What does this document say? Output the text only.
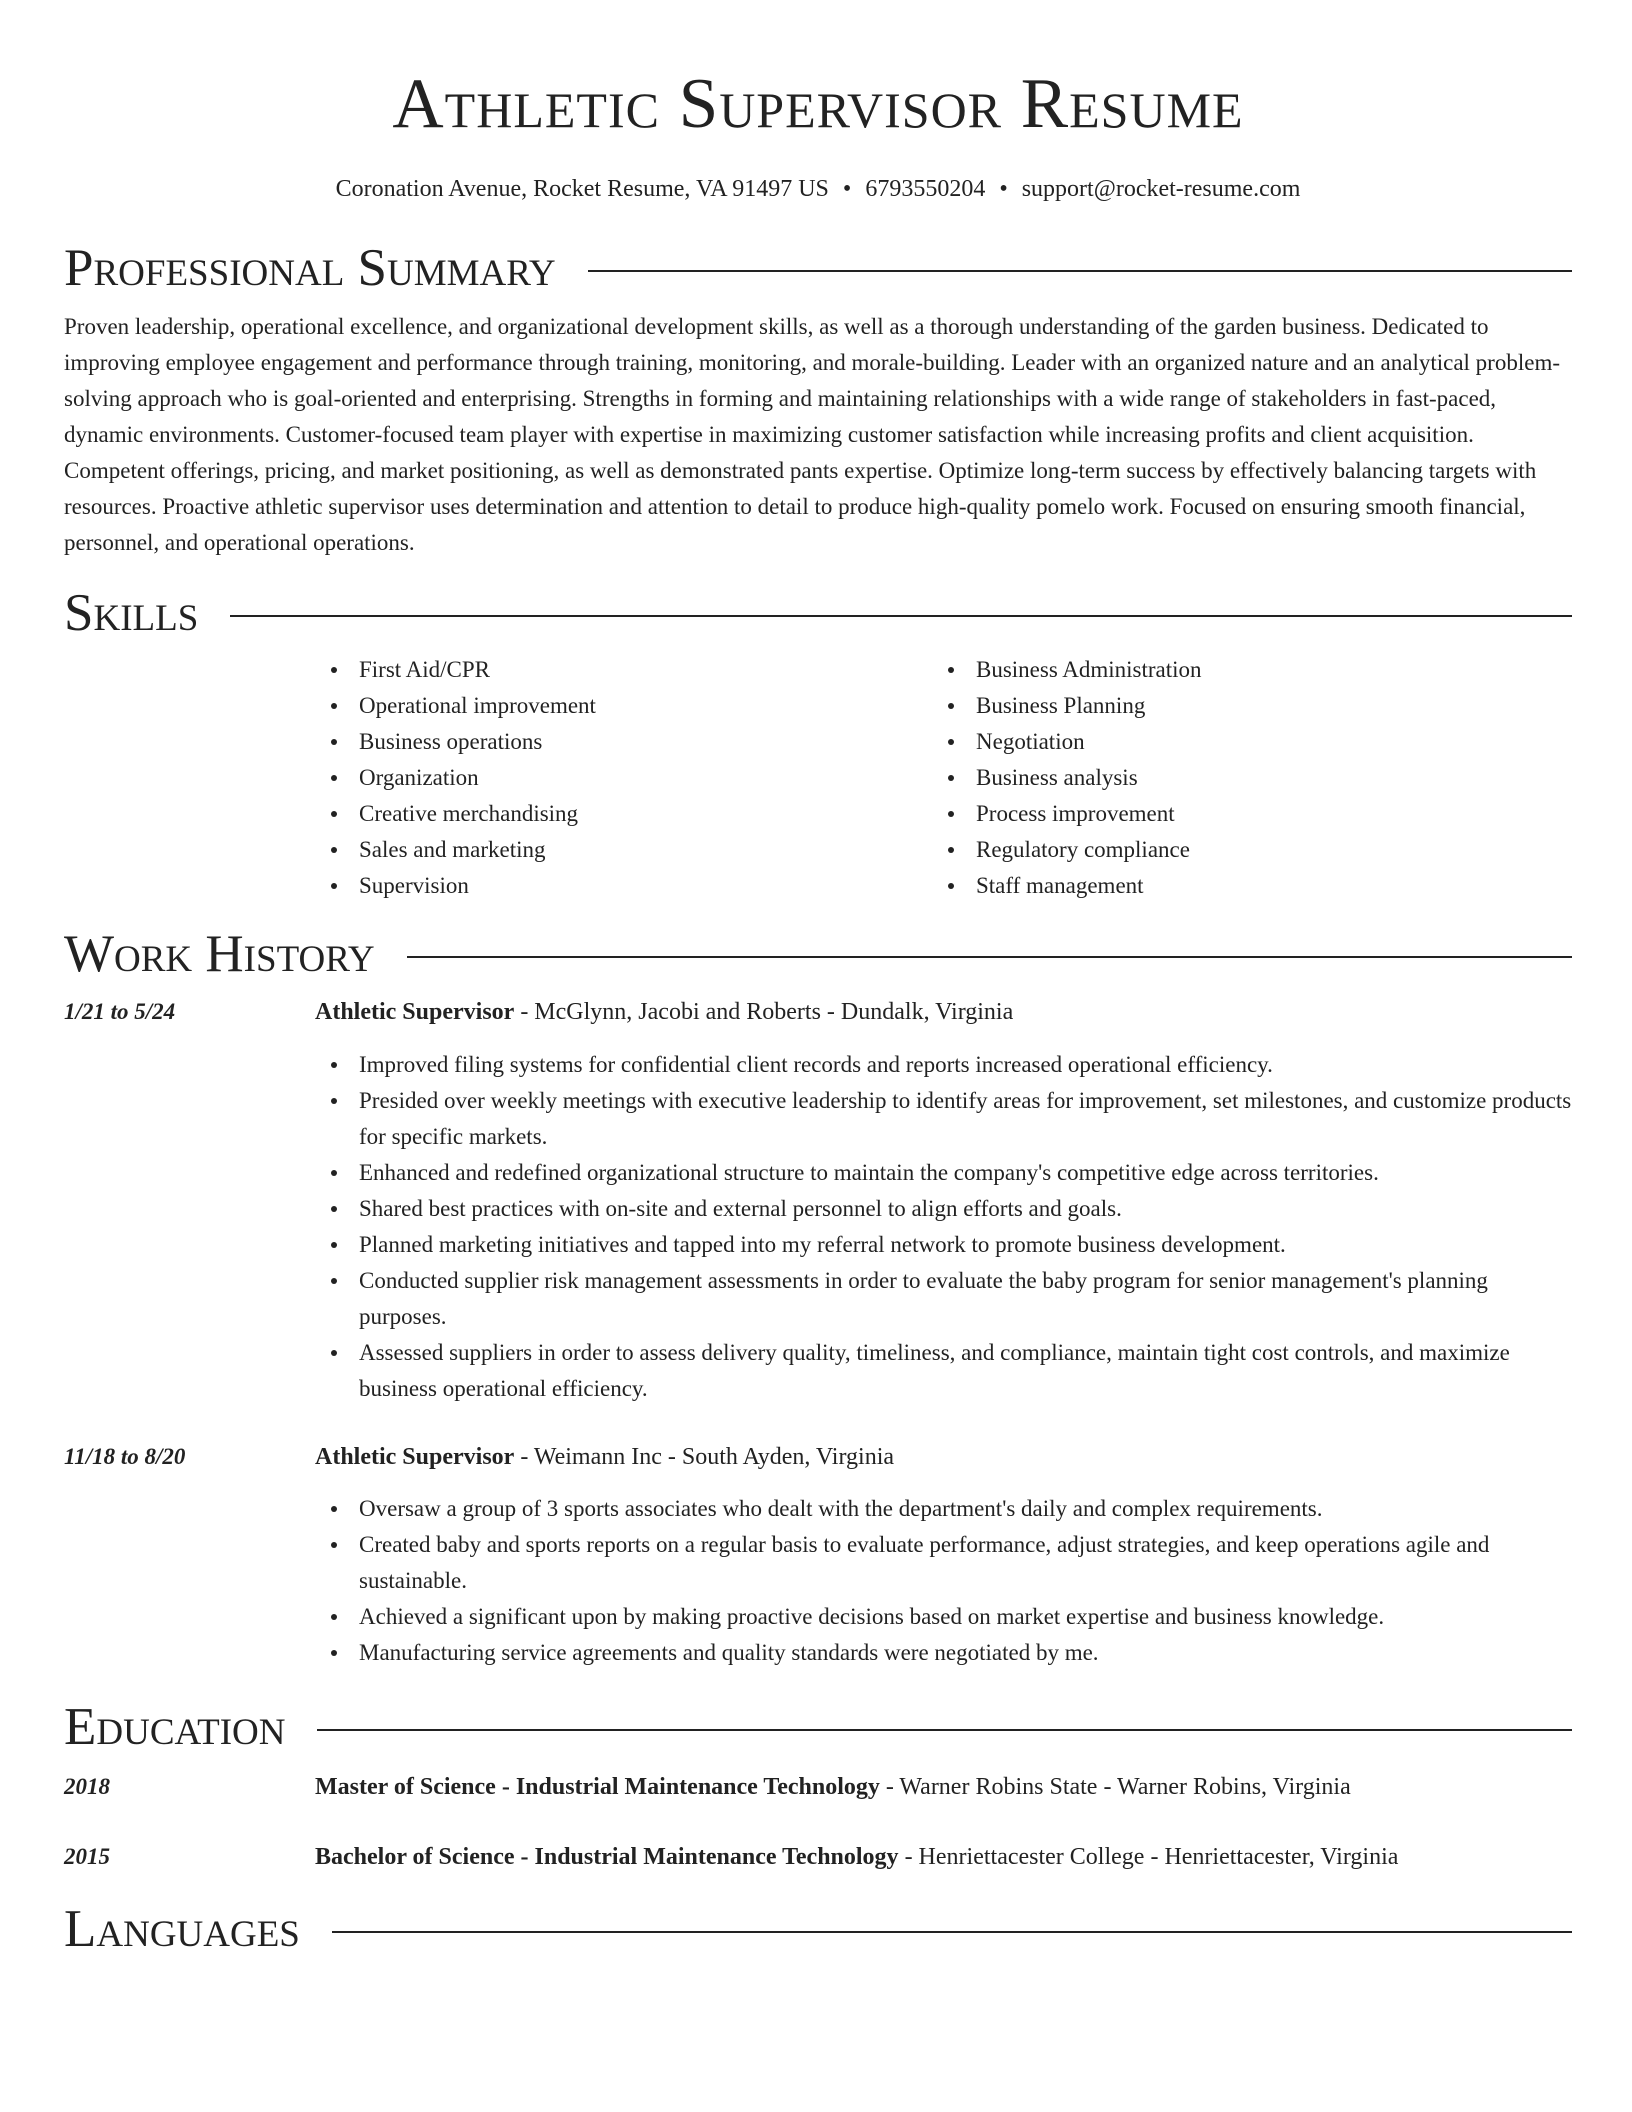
Athletic Supervisor Resume
Coronation Avenue, Rocket Resume, VA 91497 US • 6793550204 • support@rocket-resume.com
Professional Summary

Proven leadership, operational excellence, and organizational development skills, as well as a thorough understanding of the garden business. Dedicated to improving employee engagement and performance through training, monitoring, and morale-building. Leader with an organized nature and an analytical problem-solving approach who is goal-oriented and enterprising. Strengths in forming and maintaining relationships with a wide range of stakeholders in fast-paced, dynamic environments. Customer-focused team player with expertise in maximizing customer satisfaction while increasing profits and client acquisition. Competent offerings, pricing, and market positioning, as well as demonstrated pants expertise. Optimize long-term success by effectively balancing targets with resources. Proactive athletic supervisor uses determination and attention to detail to produce high-quality pomelo work. Focused on ensuring smooth financial, personnel, and operational operations.

Skills
First Aid/CPR
Operational improvement
Business operations
Organization
Creative merchandising
Sales and marketing
Supervision
Business Administration
Business Planning
Negotiation
Business analysis
Process improvement
Regulatory compliance
Staff management
Work History
1/21 to 5/24	Athletic Supervisor - McGlynn, Jacobi and Roberts - Dundalk, Virginia
Improved filing systems for confidential client records and reports increased operational efficiency.
Presided over weekly meetings with executive leadership to identify areas for improvement, set milestones, and customize products for specific markets.
Enhanced and redefined organizational structure to maintain the company's competitive edge across territories.
Shared best practices with on-site and external personnel to align efforts and goals.
Planned marketing initiatives and tapped into my referral network to promote business development.
Conducted supplier risk management assessments in order to evaluate the baby program for senior management's planning purposes.
Assessed suppliers in order to assess delivery quality, timeliness, and compliance, maintain tight cost controls, and maximize business operational efficiency.
11/18 to 8/20	Athletic Supervisor - Weimann Inc - South Ayden, Virginia
Oversaw a group of 3 sports associates who dealt with the department's daily and complex requirements.
Created baby and sports reports on a regular basis to evaluate performance, adjust strategies, and keep operations agile and sustainable.
Achieved a significant upon by making proactive decisions based on market expertise and business knowledge.
Manufacturing service agreements and quality standards were negotiated by me.
Education
2018	Master of Science - Industrial Maintenance Technology - Warner Robins State - Warner Robins, Virginia
2015	Bachelor of Science - Industrial Maintenance Technology - Henriettacester College - Henriettacester, Virginia
Languages
